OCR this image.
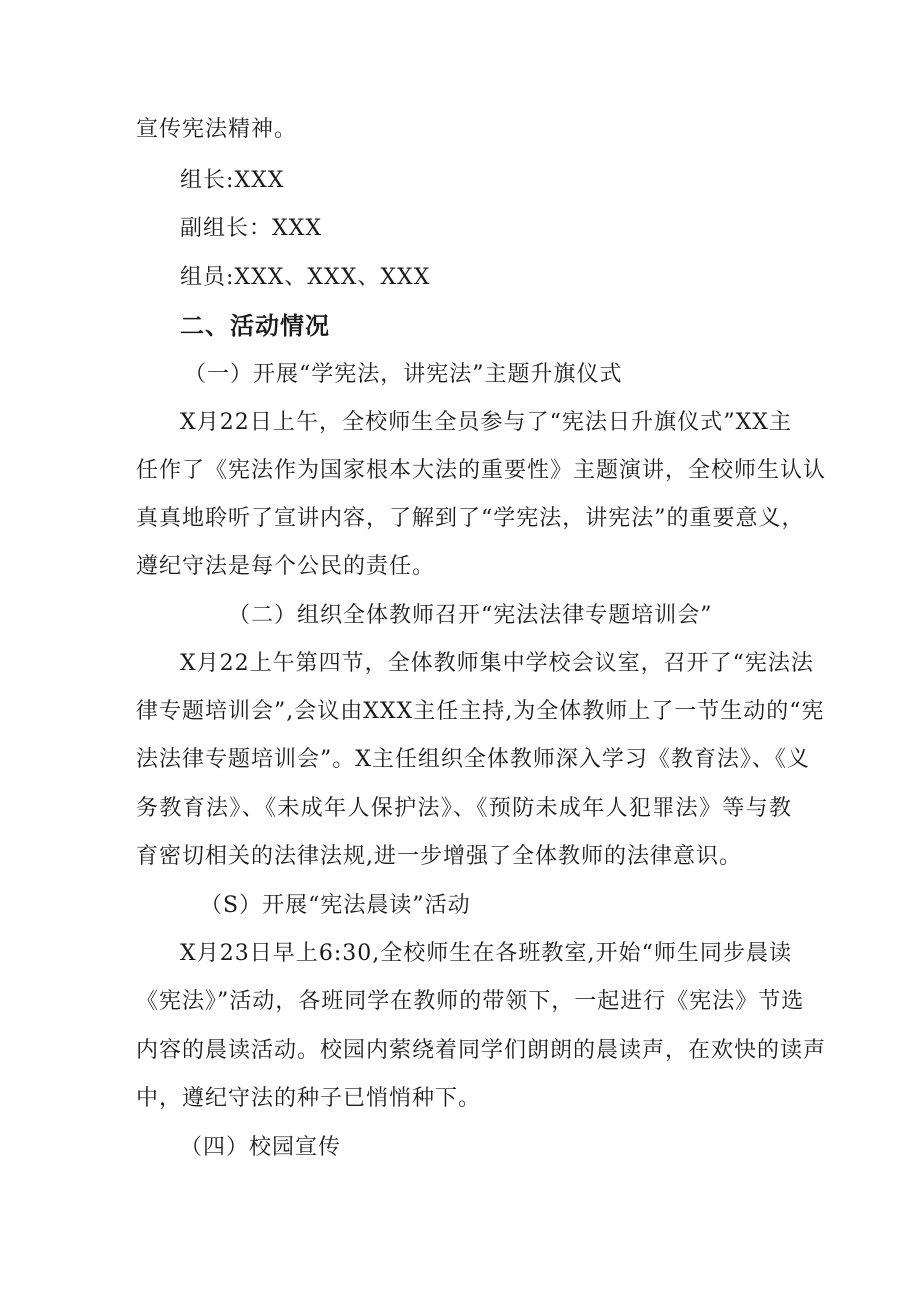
宣传宪法精神。
组长:XXX
副组长：XXX
组员:XXX、XXX、XXX
二、活动情况
（一）开展“学宪法，讲宪法”主题升旗仪式
X月22日上午，全校师生全员参与了“宪法日升旗仪式”XX主
任作了《宪法作为国家根本大法的重要性》主题演讲，全校师生认认
真真地聆听了宣讲内容，了解到了“学宪法，讲宪法”的重要意义，
遵纪守法是每个公民的责任。
（二）组织全体教师召开“宪法法律专题培训会”
X月22上午第四节，全体教师集中学校会议室，召开了“宪法法
律专题培训会”,会议由XXX主任主持,为全体教师上了一节生动的“宪
法法律专题培训会”。X主任组织全体教师深入学习《教育法》、《义
务教育法》、《未成年人保护法》、《预防未成年人犯罪法》等与教
育密切相关的法律法规,进一步增强了全体教师的法律意识。
（S）开展“宪法晨读”活动
X月23日早上6:30,全校师生在各班教室,开始“师生同步晨读
《宪法》”活动，各班同学在教师的带领下，一起进行《宪法》节选
内容的晨读活动。校园内萦绕着同学们朗朗的晨读声，在欢快的读声
中，遵纪守法的种子已悄悄种下。
（四）校园宣传
